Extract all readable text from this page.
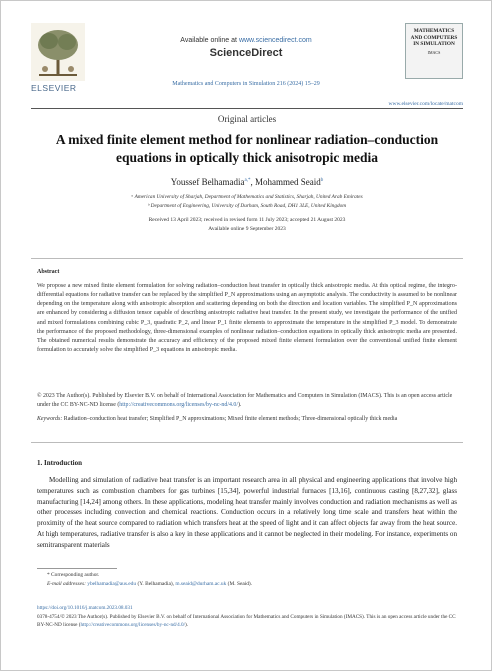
ELSEVIER
Available online at www.sciencedirect.com
ScienceDirect
Mathematics and Computers in Simulation 216 (2024) 15–29
MATHEMATICS AND COMPUTERS IN SIMULATION
IMACS
www.elsevier.com/locate/matcom
Original articles
A mixed finite element method for nonlinear radiation–conduction equations in optically thick anisotropic media
Youssef Belhamadia$^{a,*}$, Mohammed Seaid$^b$
ᵃ American University of Sharjah, Department of Mathematics and Statistics, Sharjah, United Arab Emirates
ᵇ Department of Engineering, University of Durham, South Road, DH1 3LE, United Kingdom
Received 13 April 2023; received in revised form 11 July 2023; accepted 21 August 2023
Available online 9 September 2023
Abstract
We propose a new mixed finite element formulation for solving radiation–conduction heat transfer in optically thick anisotropic media. At this optical regime, the integro-differential equations for radiative transfer can be replaced by the simplified P_N approximations using an asymptotic analysis. The conductivity is assumed to be nonlinear depending on the temperature along with anisotropic absorption and scattering depending on both the direction and location variables. The simplified P_N approximations are enhanced by considering a diffusion tensor capable of describing anisotropic radiative heat transfer. In the present study, we investigate the performance of the unified and mixed formulations combining cubic P_3, quadratic P_2, and linear P_1 finite elements to approximate the temperature in the simplified P_3 model. To demonstrate the performance of the proposed methodology, three-dimensional examples of nonlinear radiation–conduction equations in optically thick anisotropic media are presented. The obtained numerical results demonstrate the accuracy and efficiency of the proposed mixed finite element formulation over the conventional unified finite element formulation to accurately solve the simplified P_3 equations in anisotropic media.
© 2023 The Author(s). Published by Elsevier B.V. on behalf of International Association for Mathematics and Computers in Simulation (IMACS). This is an open access article under the CC BY-NC-ND license (http://creativecommons.org/licenses/by-nc-nd/4.0/).
Keywords: Radiation–conduction heat transfer; Simplified P_N approximations; Mixed finite element methods; Three-dimensional optically thick media
1. Introduction
Modelling and simulation of radiative heat transfer is an important research area in all physical and engineering applications that involve high temperatures such as combustion chambers for gas turbines [15,34], powerful industrial furnaces [13,16], continuous casting [8,27,32], glass manufacturing [14,24] among others. In these applications, modeling heat transfer mainly involves conduction and radiation mechanisms as well as other processes including convection and chemical reactions. Conduction occurs in a relatively long time scale and transfers heat within the proximity of the heat source compared to radiation which transfers heat at the speed of light and it can affect objects far away from the heat source. At high temperatures, radiative transfer is also a key in these applications and it cannot be neglected in their modeling. For instance, experiments on semitransparent materials
* Corresponding author.
E-mail addresses: ybelhamadia@aus.edu (Y. Belhamadia), m.seaid@durham.ac.uk (M. Seaid).
https://doi.org/10.1016/j.matcom.2023.08.031
0378-4754/© 2023 The Author(s). Published by Elsevier B.V. on behalf of International Association for Mathematics and Computers in Simulation (IMACS). This is an open access article under the CC BY-NC-ND license (http://creativecommons.org/licenses/by-nc-nd/4.0/).
